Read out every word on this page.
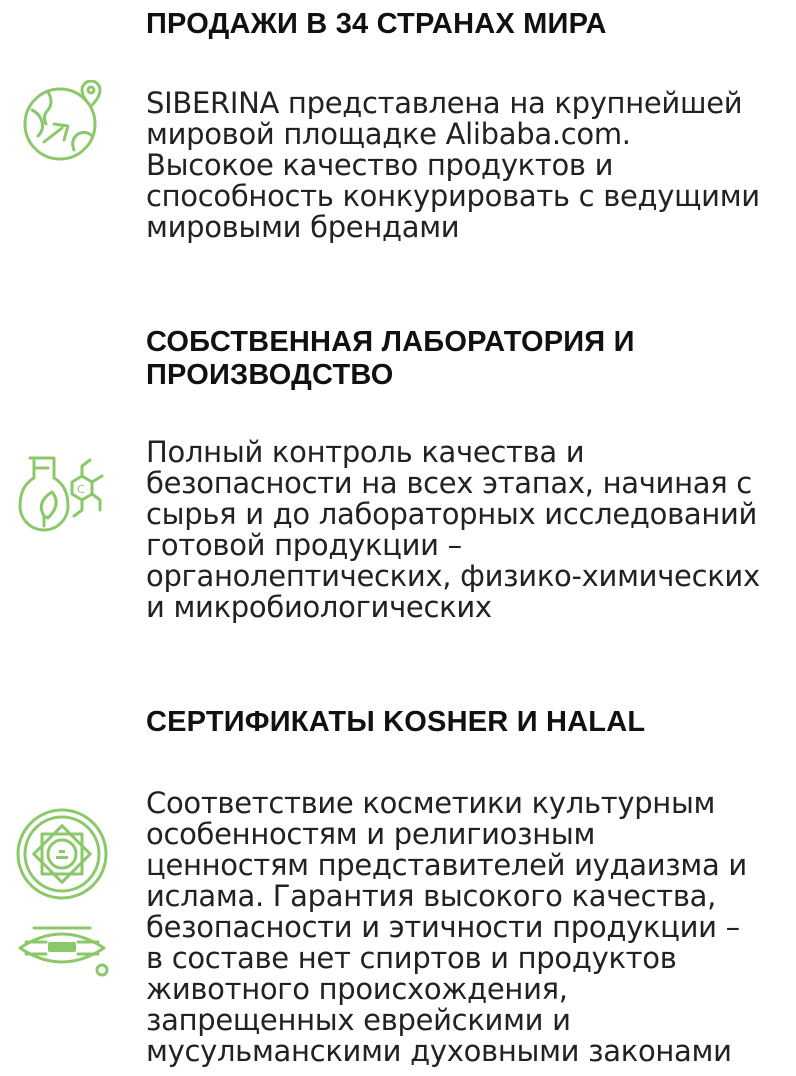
ПРОДАЖИ В 34 СТРАНАХ МИРА
SIBERINA представлена на крупнейшей
мировой площадке Alibaba.com.
Высокое качество продуктов и
способность конкурировать с ведущими
мировыми брендами
СОБСТВЕННАЯ ЛАБОРАТОРИЯ И
ПРОИЗВОДСТВО
C
Полный контроль качества и
безопасности на всех этапах, начиная с
сырья и до лабораторных исследований
готовой продукции –
органолептических, физико-химических
и микробиологических
СЕРТИФИКАТЫ KOSHER И HALAL
Соответствие косметики культурным
особенностям и религиозным
ценностям представителей иудаизма и
ислама. Гарантия высокого качества,
безопасности и этичности продукции –
в составе нет спиртов и продуктов
животного происхождения,
запрещенных еврейскими и
мусульманскими духовными законами
